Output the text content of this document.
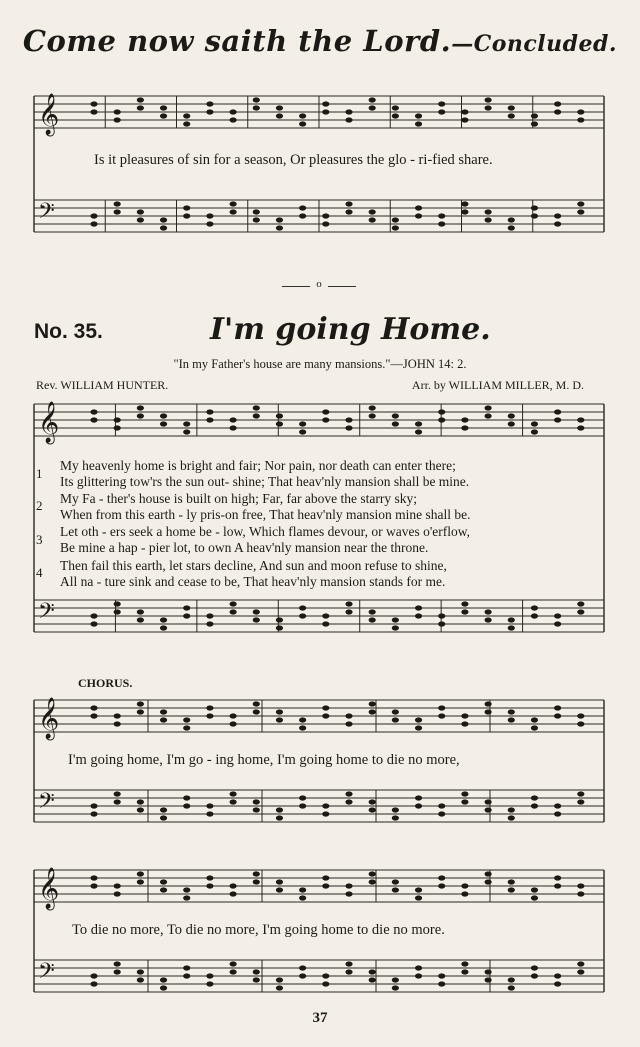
Come now saith the Lord.—Concluded.
𝄞
𝄢
𝄞
𝄢
𝄞
𝄢
𝄞
𝄢
Is it pleasures of sin for a season, Or pleasures the glo - ri-fied share.
o
No. 35.	I'm going Home.
"In my Father's house are many mansions."—JOHN 14: 2.
Rev. WILLIAM HUNTER.	Arr. by WILLIAM MILLER, M. D.
1
My heavenly home is bright and fair; Nor pain, nor death can enter there;
Its glittering tow'rs the sun out- shine; That heav'nly mansion shall be mine.
2 My Fa - ther's house is built on high; Far, far above the starry sky;
When from this earth - ly pris-on free, That heav'nly mansion mine shall be.
3
Let oth - ers seek a home be - low, Which flames devour, or waves o'erflow,
Be mine a hap - pier lot, to own A heav'nly mansion near the throne.
4 Then fail this earth, let stars decline, And sun and moon refuse to shine,
All na - ture sink and cease to be, That heav'nly mansion stands for me.
CHORUS.
I'm going home, I'm go - ing home, I'm going home to die no more,
To die no more, To die no more, I'm going home to die no more.
37
